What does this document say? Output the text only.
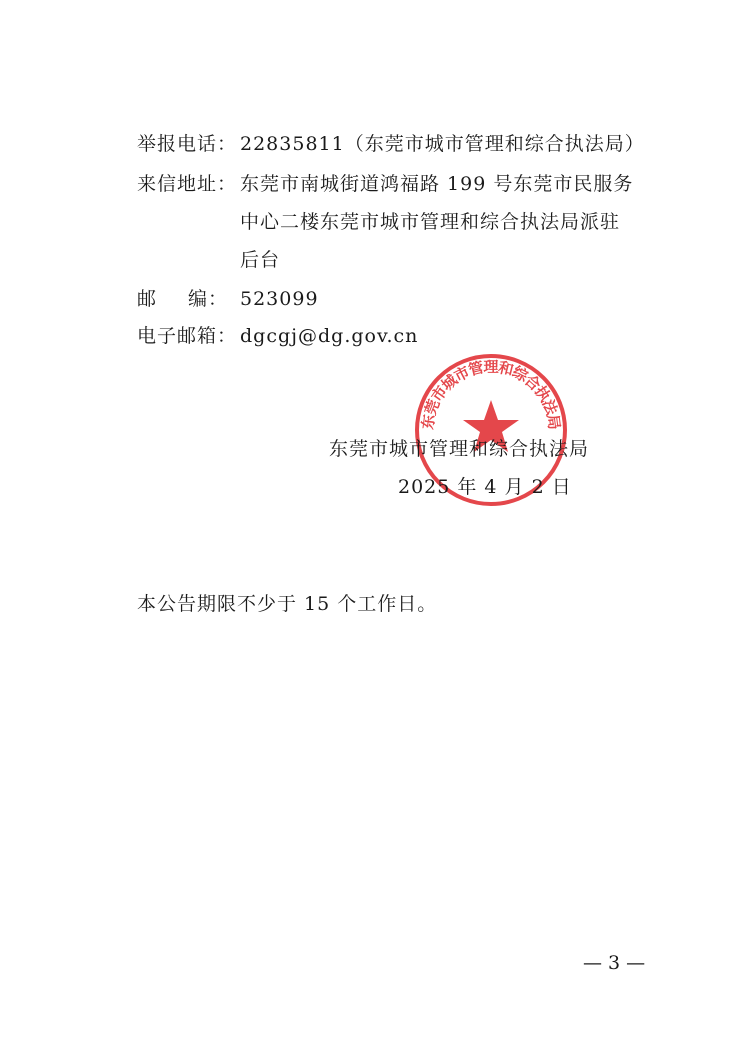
举报电话： 22835811（东莞市城市管理和综合执法局）
来信地址： 东莞市南城街道鸿福路 199 号东莞市民服务
中心二楼东莞市城市管理和综合执法局派驻
后台
邮 编： 523099
电子邮箱： dgcgj@dg.gov.cn
东莞市城市管理和综合执法局
东莞市城市管理和综合执法局
2025 年 4 月 2 日
本公告期限不少于 15 个工作日。
— 3 —
